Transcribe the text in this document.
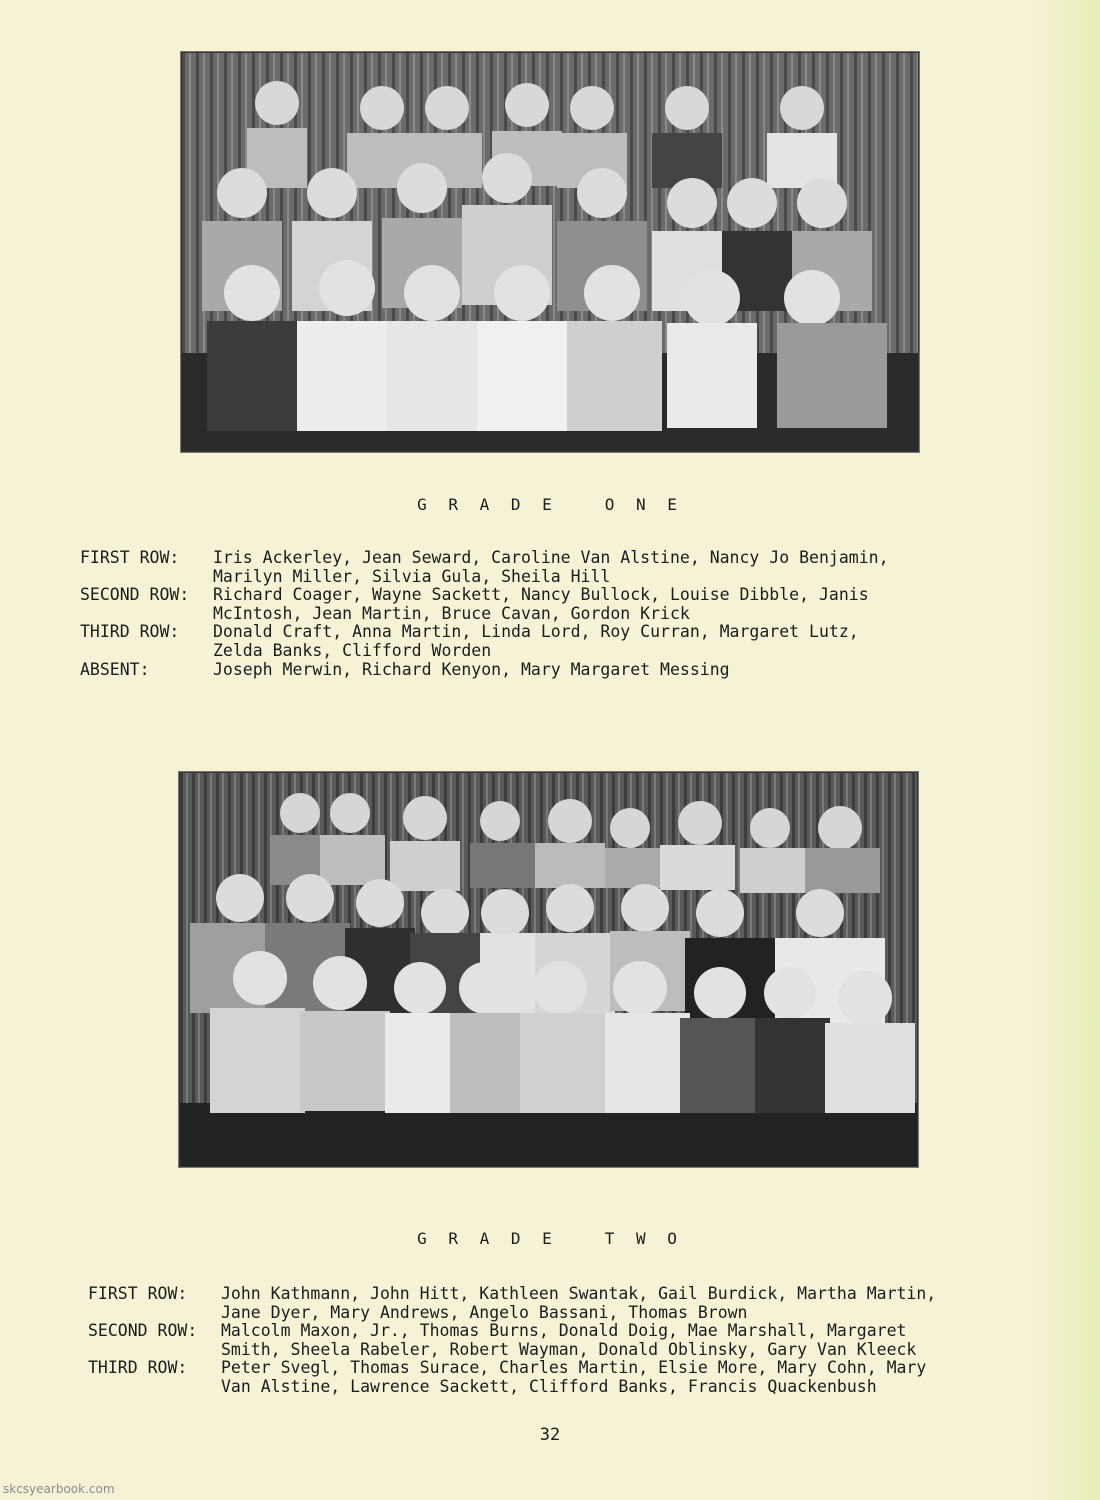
G R A D E   O N E
FIRST ROW:	Iris Ackerley, Jean Seward, Caroline Van Alstine, Nancy Jo Benjamin,
Marilyn Miller, Silvia Gula, Sheila Hill
SECOND ROW:	Richard Coager, Wayne Sackett, Nancy Bullock, Louise Dibble, Janis
McIntosh, Jean Martin, Bruce Cavan, Gordon Krick
THIRD ROW:	Donald Craft, Anna Martin, Linda Lord, Roy Curran, Margaret Lutz,
Zelda Banks, Clifford Worden
ABSENT:	Joseph Merwin, Richard Kenyon, Mary Margaret Messing
G R A D E   T W O
FIRST ROW:	John Kathmann, John Hitt, Kathleen Swantak, Gail Burdick, Martha Martin,
Jane Dyer, Mary Andrews, Angelo Bassani, Thomas Brown
SECOND ROW:	Malcolm Maxon, Jr., Thomas Burns, Donald Doig, Mae Marshall, Margaret
Smith, Sheela Rabeler, Robert Wayman, Donald Oblinsky, Gary Van Kleeck
THIRD ROW:	Peter Svegl, Thomas Surace, Charles Martin, Elsie More, Mary Cohn, Mary
Van Alstine, Lawrence Sackett, Clifford Banks, Francis Quackenbush
32
skcsyearbook.com
